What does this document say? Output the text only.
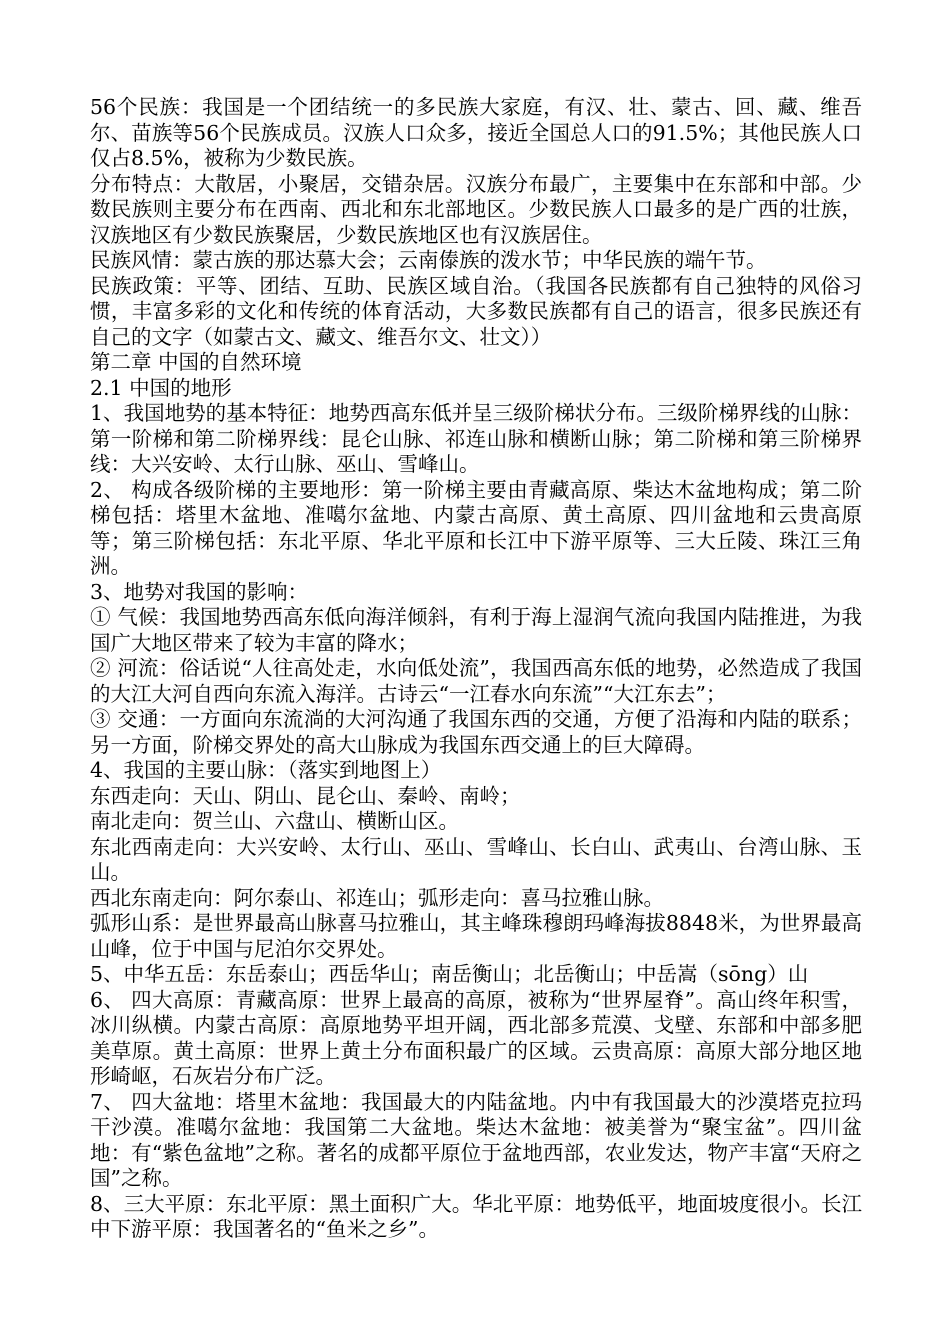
56个民族：我国是一个团结统一的多民族大家庭，有汉、壮、蒙古、回、藏、维吾尔、苗族等56个民族成员。汉族人口众多，接近全国总人口的91.5%；其他民族人口仅占8.5%，被称为少数民族。

分布特点：大散居，小聚居，交错杂居。汉族分布最广，主要集中在东部和中部。少数民族则主要分布在西南、西北和东北部地区。少数民族人口最多的是广西的壮族，汉族地区有少数民族聚居，少数民族地区也有汉族居住。

民族风情：蒙古族的那达慕大会；云南傣族的泼水节；中华民族的端午节。

民族政策：平等、团结、互助、民族区域自治。（我国各民族都有自己独特的风俗习惯，丰富多彩的文化和传统的体育活动，大多数民族都有自己的语言，很多民族还有自己的文字（如蒙古文、藏文、维吾尔文、壮文））

第二章 中国的自然环境

2.1 中国的地形

1、我国地势的基本特征：地势西高东低并呈三级阶梯状分布。三级阶梯界线的山脉：第一阶梯和第二阶梯界线：昆仑山脉、祁连山脉和横断山脉；第二阶梯和第三阶梯界线：大兴安岭、太行山脉、巫山、雪峰山。

2、 构成各级阶梯的主要地形：第一阶梯主要由青藏高原、柴达木盆地构成；第二阶梯包括：塔里木盆地、准噶尔盆地、内蒙古高原、黄土高原、四川盆地和云贵高原等；第三阶梯包括：东北平原、华北平原和长江中下游平原等、三大丘陵、珠江三角洲。

3、地势对我国的影响：

① 气候：我国地势西高东低向海洋倾斜，有利于海上湿润气流向我国内陆推进，为我国广大地区带来了较为丰富的降水；

② 河流：俗话说“人往高处走，水向低处流”，我国西高东低的地势，必然造成了我国的大江大河自西向东流入海洋。古诗云“一江春水向东流”“大江东去”；

③ 交通：一方面向东流淌的大河沟通了我国东西的交通，方便了沿海和内陆的联系；另一方面，阶梯交界处的高大山脉成为我国东西交通上的巨大障碍。

4、我国的主要山脉：（落实到地图上）

东西走向：天山、阴山、昆仑山、秦岭、南岭；

南北走向：贺兰山、六盘山、横断山区。

东北西南走向：大兴安岭、太行山、巫山、雪峰山、长白山、武夷山、台湾山脉、玉山。

西北东南走向：阿尔泰山、祁连山；弧形走向：喜马拉雅山脉。

弧形山系：是世界最高山脉喜马拉雅山，其主峰珠穆朗玛峰海拔8848米，为世界最高山峰，位于中国与尼泊尔交界处。

5、中华五岳：东岳泰山；西岳华山；南岳衡山；北岳衡山；中岳嵩（sōng）山

6、 四大高原：青藏高原：世界上最高的高原，被称为“世界屋脊”。高山终年积雪，冰川纵横。内蒙古高原：高原地势平坦开阔，西北部多荒漠、戈壁、东部和中部多肥美草原。黄土高原：世界上黄土分布面积最广的区域。云贵高原：高原大部分地区地形崎岖，石灰岩分布广泛。

7、 四大盆地：塔里木盆地：我国最大的内陆盆地。内中有我国最大的沙漠塔克拉玛干沙漠。准噶尔盆地：我国第二大盆地。柴达木盆地：被美誉为“聚宝盆”。四川盆地：有“紫色盆地”之称。著名的成都平原位于盆地西部，农业发达，物产丰富“天府之国”之称。

8、三大平原：东北平原：黑土面积广大。华北平原：地势低平，地面坡度很小。长江中下游平原：我国著名的“鱼米之乡”。
